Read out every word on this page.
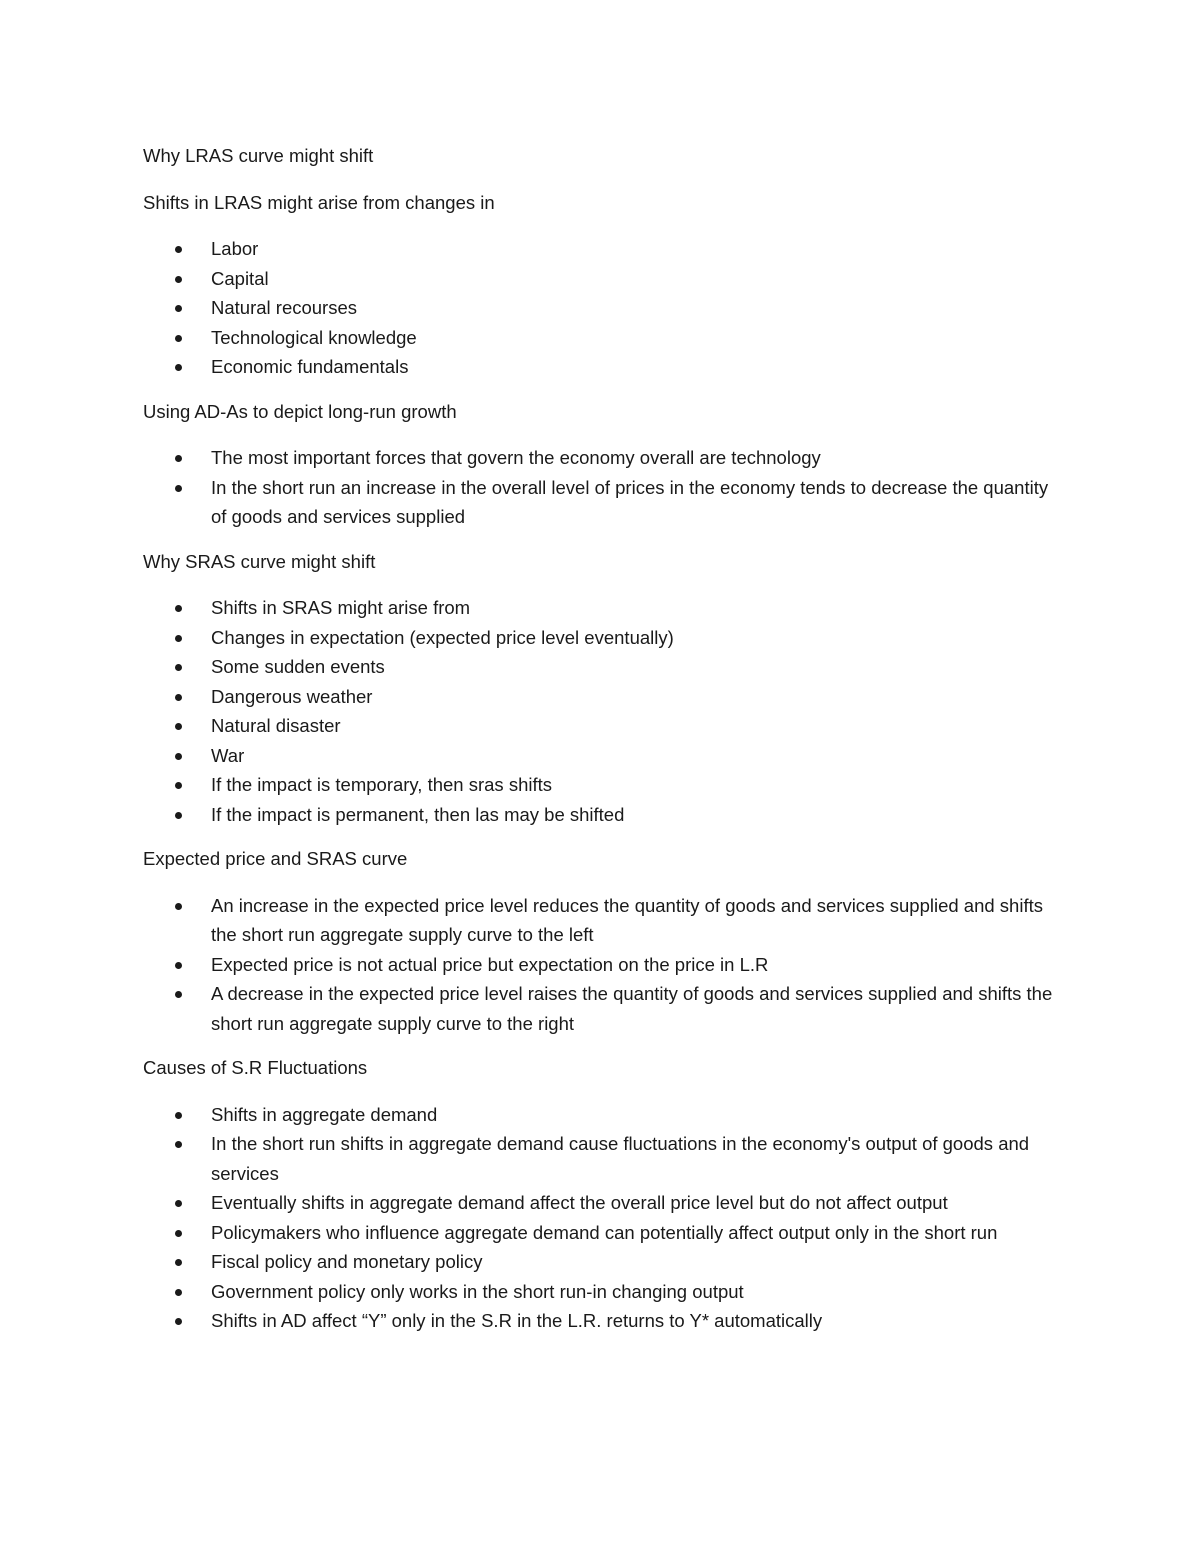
Why LRAS curve might shift

Shifts in LRAS might arise from changes in

Labor
Capital
Natural recourses
Technological knowledge
Economic fundamentals

Using AD-As to depict long-run growth

The most important forces that govern the economy overall are technology
In the short run an increase in the overall level of prices in the economy tends to decrease the quantity of goods and services supplied

Why SRAS curve might shift

Shifts in SRAS might arise from
Changes in expectation (expected price level eventually)
Some sudden events
Dangerous weather
Natural disaster
War
If the impact is temporary, then sras shifts
If the impact is permanent, then las may be shifted

Expected price and SRAS curve

An increase in the expected price level reduces the quantity of goods and services supplied and shifts the short run aggregate supply curve to the left
Expected price is not actual price but expectation on the price in L.R
A decrease in the expected price level raises the quantity of goods and services supplied and shifts the short run aggregate supply curve to the right

Causes of S.R Fluctuations

Shifts in aggregate demand
In the short run shifts in aggregate demand cause fluctuations in the economy's output of goods and services
Eventually shifts in aggregate demand affect the overall price level but do not affect output
Policymakers who influence aggregate demand can potentially affect output only in the short run
Fiscal policy and monetary policy
Government policy only works in the short run-in changing output
Shifts in AD affect “Y” only in the S.R in the L.R. returns to Y* automatically
